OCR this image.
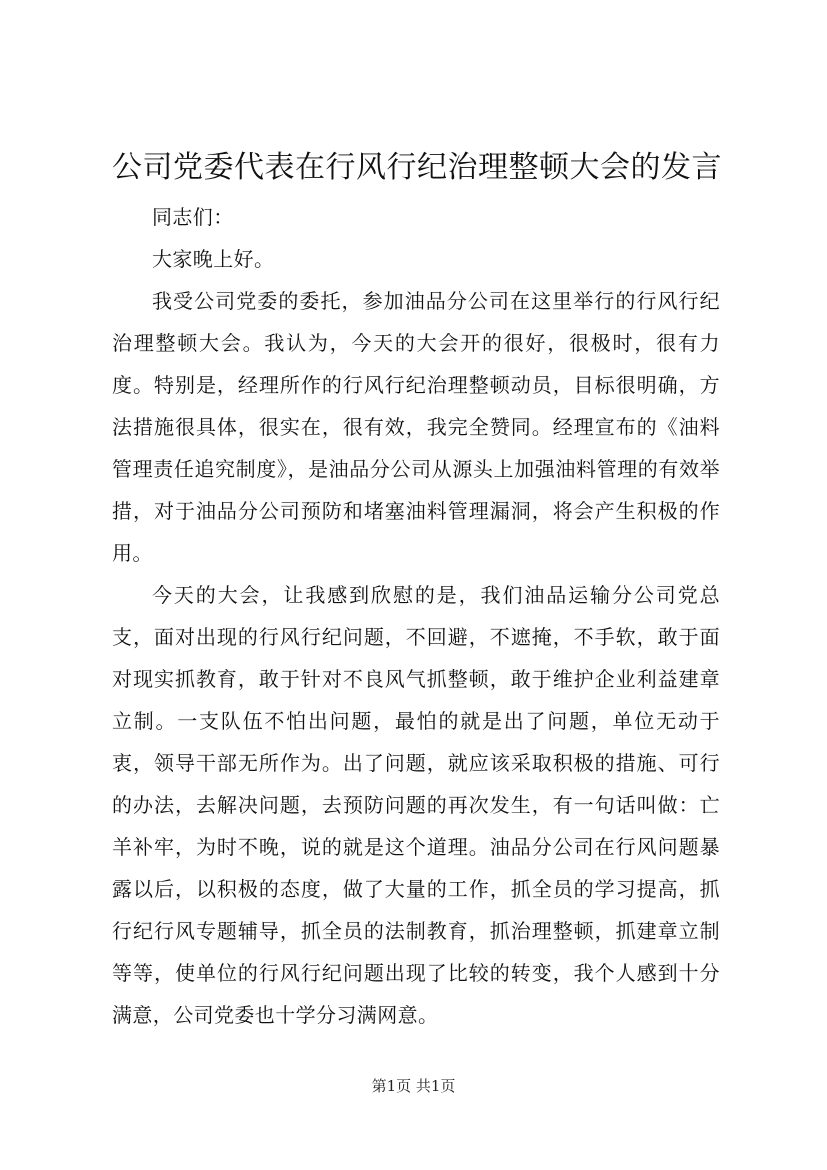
公司党委代表在行风行纪治理整顿大会的发言

同志们：

大家晚上好。

我受公司党委的委托，参加油品分公司在这里举行的行风行纪治理整顿大会。我认为，今天的大会开的很好，很极时，很有力度。特别是，经理所作的行风行纪治理整顿动员，目标很明确，方法措施很具体，很实在，很有效，我完全赞同。经理宣布的《油料管理责任追究制度》，是油品分公司从源头上加强油料管理的有效举措，对于油品分公司预防和堵塞油料管理漏洞，将会产生积极的作用。

今天的大会，让我感到欣慰的是，我们油品运输分公司党总支，面对出现的行风行纪问题，不回避，不遮掩，不手软，敢于面对现实抓教育，敢于针对不良风气抓整顿，敢于维护企业利益建章立制。一支队伍不怕出问题，最怕的就是出了问题，单位无动于衷，领导干部无所作为。出了问题，就应该采取积极的措施、可行的办法，去解决问题，去预防问题的再次发生，有一句话叫做：亡羊补牢，为时不晚，说的就是这个道理。油品分公司在行风问题暴露以后，以积极的态度，做了大量的工作，抓全员的学习提高，抓行纪行风专题辅导，抓全员的法制教育，抓治理整顿，抓建章立制等等，使单位的行风行纪问题出现了比较的转变，我个人感到十分满意，公司党委也十学分习满网意。

第1页 共1页
